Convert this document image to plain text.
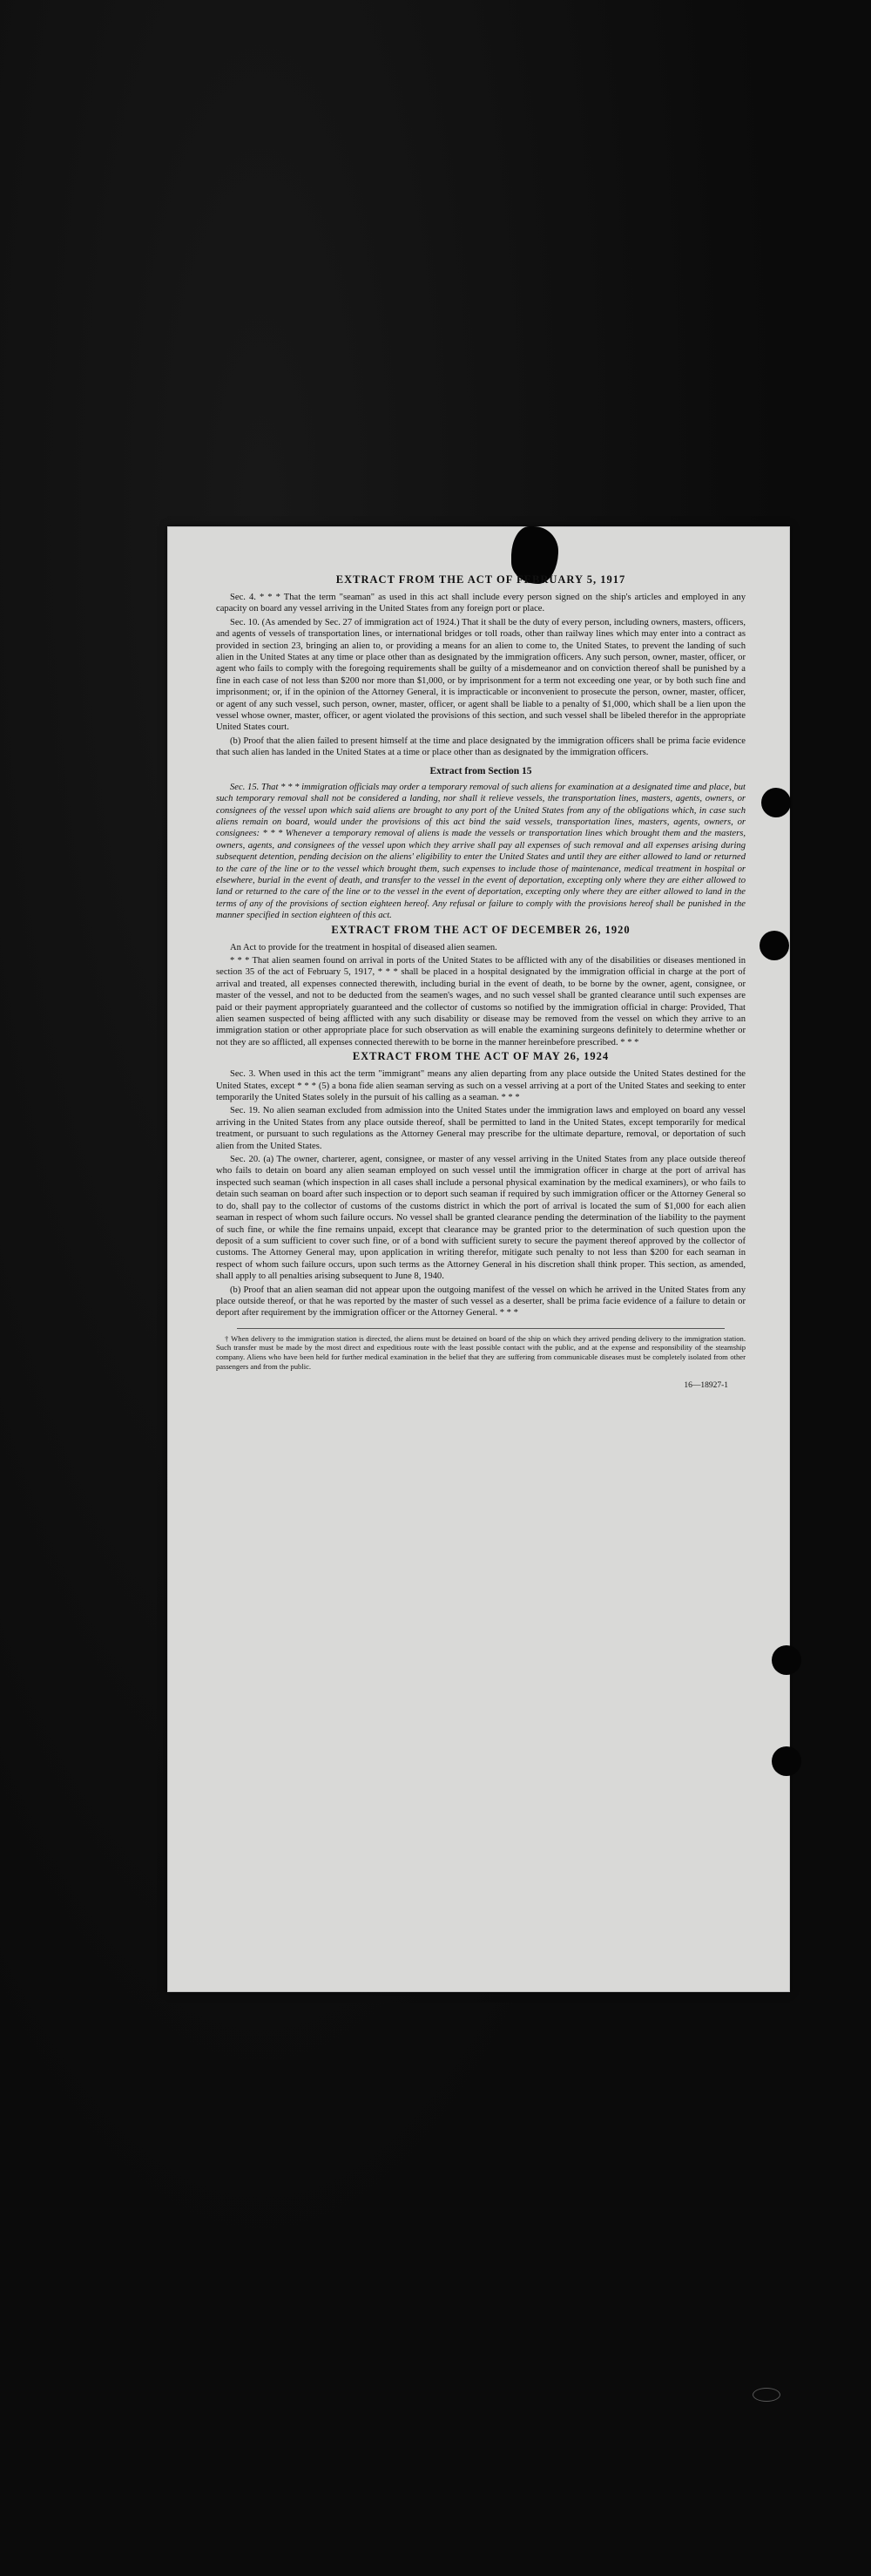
EXTRACT FROM THE ACT OF FEBRUARY 5, 1917

Sec. 4. * * * That the term "seaman" as used in this act shall include every person signed on the ship's articles and employed in any capacity on board any vessel arriving in the United States from any foreign port or place.

Sec. 10. (As amended by Sec. 27 of immigration act of 1924.) That it shall be the duty of every person, including owners, masters, officers, and agents of vessels of transportation lines, or international bridges or toll roads, other than railway lines which may enter into a contract as provided in section 23, bringing an alien to, or providing a means for an alien to come to, the United States, to prevent the landing of such alien in the United States at any time or place other than as designated by the immigration officers. Any such person, owner, master, officer, or agent who fails to comply with the foregoing requirements shall be guilty of a misdemeanor and on conviction thereof shall be punished by a fine in each case of not less than $200 nor more than $1,000, or by imprisonment for a term not exceeding one year, or by both such fine and imprisonment; or, if in the opinion of the Attorney General, it is impracticable or inconvenient to prosecute the person, owner, master, officer, or agent of any such vessel, such person, owner, master, officer, or agent shall be liable to a penalty of $1,000, which shall be a lien upon the vessel whose owner, master, officer, or agent violated the provisions of this section, and such vessel shall be libeled therefor in the appropriate United States court.

(b) Proof that the alien failed to present himself at the time and place designated by the immigration officers shall be prima facie evidence that such alien has landed in the United States at a time or place other than as designated by the immigration officers.

Extract from Section 15

Sec. 15. That * * * immigration officials may order a temporary removal of such aliens for examination at a designated time and place, but such temporary removal shall not be considered a landing, nor shall it relieve vessels, the transportation lines, masters, agents, owners, or consignees of the vessel upon which said aliens are brought to any port of the United States from any of the obligations which, in case such aliens remain on board, would under the provisions of this act bind the said vessels, transportation lines, masters, agents, owners, or consignees: * * * Whenever a temporary removal of aliens is made the vessels or transportation lines which brought them and the masters, owners, agents, and consignees of the vessel upon which they arrive shall pay all expenses of such removal and all expenses arising during subsequent detention, pending decision on the aliens' eligibility to enter the United States and until they are either allowed to land or returned to the care of the line or to the vessel which brought them, such expenses to include those of maintenance, medical treatment in hospital or elsewhere, burial in the event of death, and transfer to the vessel in the event of deportation, excepting only where they are either allowed to land or returned to the care of the line or to the vessel in the event of deportation, excepting only where they are either allowed to land in the terms of any of the provisions of section eighteen hereof. Any refusal or failure to comply with the provisions hereof shall be punished in the manner specified in section eighteen of this act.

EXTRACT FROM THE ACT OF DECEMBER 26, 1920

An Act to provide for the treatment in hospital of diseased alien seamen.

* * * That alien seamen found on arrival in ports of the United States to be afflicted with any of the disabilities or diseases mentioned in section 35 of the act of February 5, 1917, * * * shall be placed in a hospital designated by the immigration official in charge at the port of arrival and treated, all expenses connected therewith, including burial in the event of death, to be borne by the owner, agent, consignee, or master of the vessel, and not to be deducted from the seamen's wages, and no such vessel shall be granted clearance until such expenses are paid or their payment appropriately guaranteed and the collector of customs so notified by the immigration official in charge: Provided, That alien seamen suspected of being afflicted with any such disability or disease may be removed from the vessel on which they arrive to an immigration station or other appropriate place for such observation as will enable the examining surgeons definitely to determine whether or not they are so afflicted, all expenses connected therewith to be borne in the manner hereinbefore prescribed. * * *

EXTRACT FROM THE ACT OF MAY 26, 1924

Sec. 3. When used in this act the term "immigrant" means any alien departing from any place outside the United States destined for the United States, except * * * (5) a bona fide alien seaman serving as such on a vessel arriving at a port of the United States and seeking to enter temporarily the United States solely in the pursuit of his calling as a seaman. * * *

Sec. 19. No alien seaman excluded from admission into the United States under the immigration laws and employed on board any vessel arriving in the United States from any place outside thereof, shall be permitted to land in the United States, except temporarily for medical treatment, or pursuant to such regulations as the Attorney General may prescribe for the ultimate departure, removal, or deportation of such alien from the United States.

Sec. 20. (a) The owner, charterer, agent, consignee, or master of any vessel arriving in the United States from any place outside thereof who fails to detain on board any alien seaman employed on such vessel until the immigration officer in charge at the port of arrival has inspected such seaman (which inspection in all cases shall include a personal physical examination by the medical examiners), or who fails to detain such seaman on board after such inspection or to deport such seaman if required by such immigration officer or the Attorney General so to do, shall pay to the collector of customs of the customs district in which the port of arrival is located the sum of $1,000 for each alien seaman in respect of whom such failure occurs. No vessel shall be granted clearance pending the determination of the liability to the payment of such fine, or while the fine remains unpaid, except that clearance may be granted prior to the determination of such question upon the deposit of a sum sufficient to cover such fine, or of a bond with sufficient surety to secure the payment thereof approved by the collector of customs. The Attorney General may, upon application in writing therefor, mitigate such penalty to not less than $200 for each seaman in respect of whom such failure occurs, upon such terms as the Attorney General in his discretion shall think proper. This section, as amended, shall apply to all penalties arising subsequent to June 8, 1940.

(b) Proof that an alien seaman did not appear upon the outgoing manifest of the vessel on which he arrived in the United States from any place outside thereof, or that he was reported by the master of such vessel as a deserter, shall be prima facie evidence of a failure to detain or deport after requirement by the immigration officer or the Attorney General. * * *

† When delivery to the immigration station is directed, the aliens must be detained on board of the ship on which they arrived pending delivery to the immigration station. Such transfer must be made by the most direct and expeditious route with the least possible contact with the public, and at the expense and responsibility of the steamship company. Aliens who have been held for further medical examination in the belief that they are suffering from communicable diseases must be completely isolated from other passengers and from the public.

16—18927-1
